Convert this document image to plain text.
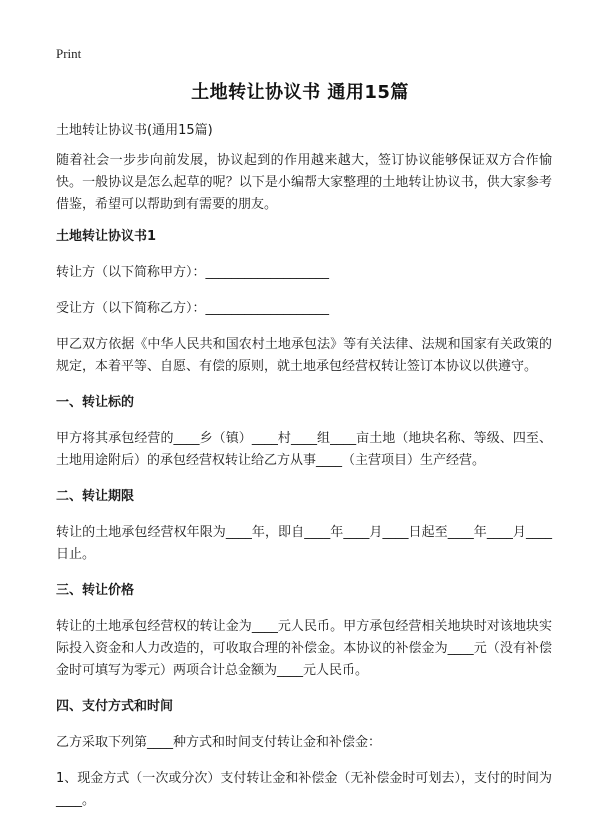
Print
土地转让协议书 通用15篇

土地转让协议书(通用15篇)

随着社会一步步向前发展，协议起到的作用越来越大，签订协议能够保证双方合作愉快。一般协议是怎么起草的呢？以下是小编帮大家整理的土地转让协议书，供大家参考借鉴，希望可以帮助到有需要的朋友。

土地转让协议书1

转让方（以下简称甲方）：___________________

受让方（以下简称乙方）：___________________

甲乙双方依据《中华人民共和国农村土地承包法》等有关法律、法规和国家有关政策的规定，本着平等、自愿、有偿的原则，就土地承包经营权转让签订本协议以供遵守。

一、转让标的

甲方将其承包经营的____乡（镇）____村____组____亩土地（地块名称、等级、四至、土地用途附后）的承包经营权转让给乙方从事____（主营项目）生产经营。

二、转让期限

转让的土地承包经营权年限为____年，即自____年____月____日起至____年____月____日止。

三、转让价格

转让的土地承包经营权的转让金为____元人民币。甲方承包经营相关地块时对该地块实际投入资金和人力改造的，可收取合理的补偿金。本协议的补偿金为____元（没有补偿金时可填写为零元）两项合计总金额为____元人民币。

四、支付方式和时间

乙方采取下列第____种方式和时间支付转让金和补偿金：

1、现金方式（一次或分次）支付转让金和补偿金（无补偿金时可划去），支付的时间为____。
